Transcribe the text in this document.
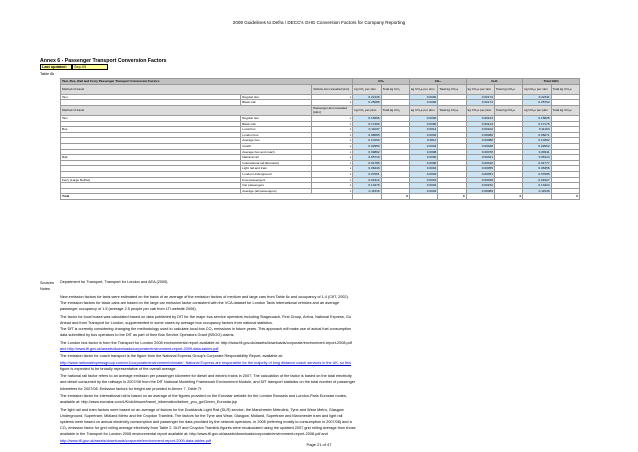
2009 Guidelines to Defra / DECC's GHG Conversion Factors for Company Reporting
Annex 6 - Passenger Transport Conversion Factors
Last updated:	Sep-09
Table 6k
Taxi, Bus, Rail and Ferry Passenger Transport Conversion Factors			CO₂		CH₄		N₂O		Total GHG	
Method of travel		Vehicle-kms travelled (km)	kg CO₂ per vkm	Total kg CO₂	kg CO₂e per vkm	Total kg CO₂e	kg CO₂e per vkm	Total kg CO₂e	kg CO₂e per vkm	Total kg CO₂e
Taxi	Regular taxi	x	0.22136		0.0000		0.00174		0.22311	
	Black cab	x	0.25086		0.0000		0.00174		0.25762	
Method of travel		Passenger-kms travelled (pkm)	kg CO₂ per pkm	Total kg CO₂	kg CO₂e per pkm	Total kg CO₂e	kg CO₂e per pkm	Total kg CO₂e	kg CO₂e per pkm	Total kg CO₂e
Taxi	Regular taxi	x	0.15696		0.0000		0.00124		0.15825	
	Black cab	x	0.17450		0.0000		0.00124		0.17176	
Bus	Local bus	x	0.11037		0.0014		0.00102		0.11163	
	London bus	x	0.08095		0.0004		0.00086		0.08271	
	Average bus	x	0.10190		0.0011		0.00088		0.10302	
	Coach	x	0.02950		0.0004		0.00028		0.02962	
	Average bus and coach	x	0.09862		0.0008		0.00078		0.09911	
Rail	National rail	x	0.05710		0.0000		0.00321		0.06113	
	International rail (Eurostar)	x	0.01786		0.0000		0.00010		0.01777	
	Light rail and tram	x	0.06246		0.0004		0.00055		0.06356	
	London Underground	x	0.07051		0.0002		0.00051		0.07085	
Ferry (Large RoPax)	Foot passengers	x	0.01912		0.0001		0.00018		0.01927	
	Car passengers	x	0.13276		0.0004		0.00152		0.13324	
	Average (all passengers)	x	0.11516		0.0004		0.00089		0.11536	
Total				0		0		0		0
Sources
Notes
Department for Transport, Transport for London and AEA (2009).
New emission factors for taxis were estimated on the basis of an average of the emission factors of medium and large cars from Table 6c and occupancy of 1.4 (CfIT, 2002).
The emission factors for black cabs are based on the large car emission factor consistent with the VCA dataset for London Taxis International vehicles and an average
passenger occupancy of 1.5 (average 2.5 people per cab from LTI website 2008).
The factor for local buses was calculated based on data published by DfT for the major bus service operators including Stagecoach, First Group, Arriva, National Express, Go
Ahead and from Transport for London, supplemented in some cases by average bus occupancy factors from national statistics.
The DfT is currently considering changing the methodology used to calculate local bus CO₂ emissions in future years. This approach will make use of actual fuel consumption
data submitted by bus operators to the DfT as part of their Bus Service Operators Grant (BSOG) claims.
The London bus factor is from the Transport for London 2008 environmental report available at: http://www.tfl.gov.uk/assets/downloads/corporate/environment-report-2008.pdf
and http://www.tfl.gov.uk/assets/downloads/corporate/environment-report-2009-data-tables.pdf
The emission factor for coach transport is the figure from the National Express Group's Corporate Responsibility Report, available at:
http://www.nationalexpressgroup.com/nx1/corporate/environment/climate/. National Express are responsible for the majority of long distance coach services in the UK, so this
figure is expected to be broadly representative of the overall average.
The national rail factor refers to an average emission per passenger kilometre for diesel and electric trains in 2007. The calculation of the factor is based on the total electricity
and diesel consumed by the railways in 2007/08 from the DfT National Modelling Framework Environment Module, and DfT transport statistics on the total number of passenger
kilometres for 2007/08. Emission factors for freight are provided in Annex 7, Table 7f.
The emission factor for international rail is based on an average of the figures provided on the Eurostar website for the London Brussels and London-Paris Eurostar routes,
available at: http://www.eurostar.com/UK/uk/leisure/travel_information/before_you_go/Green_Eurostar.jsp
The light rail and tram factors were based on an average of factors for the Docklands Light Rail (DLR) service, the Manchester Metrolink, Tyne and Wear Metro, Glasgow
Underground, Supertram, Midland Metro and the Croydon Tramlink. The factors for the Tyne and Wear, Glasgow, Midland, Supertram and Manchester tram and light rail
systems were based on annual electricity consumption and passenger km data provided by the network operators. In 2008 (referring mostly to consumption in 2007/08) and a
CO₂ emission factor for grid rolling average electricity from Table 2. DLR and Croydon Tramlink figures were recalculated using the updated 2007 grid rolling average from those
available in the Transport for London 2008 environmental report available at: http://www.tfl.gov.uk/assets/downloads/corporate/environment-report-2008.pdf and
http://www.tfl.gov.uk/assets/downloads/corporate/environment-report-2009-data-tables.pdf
Page 21 of 47
